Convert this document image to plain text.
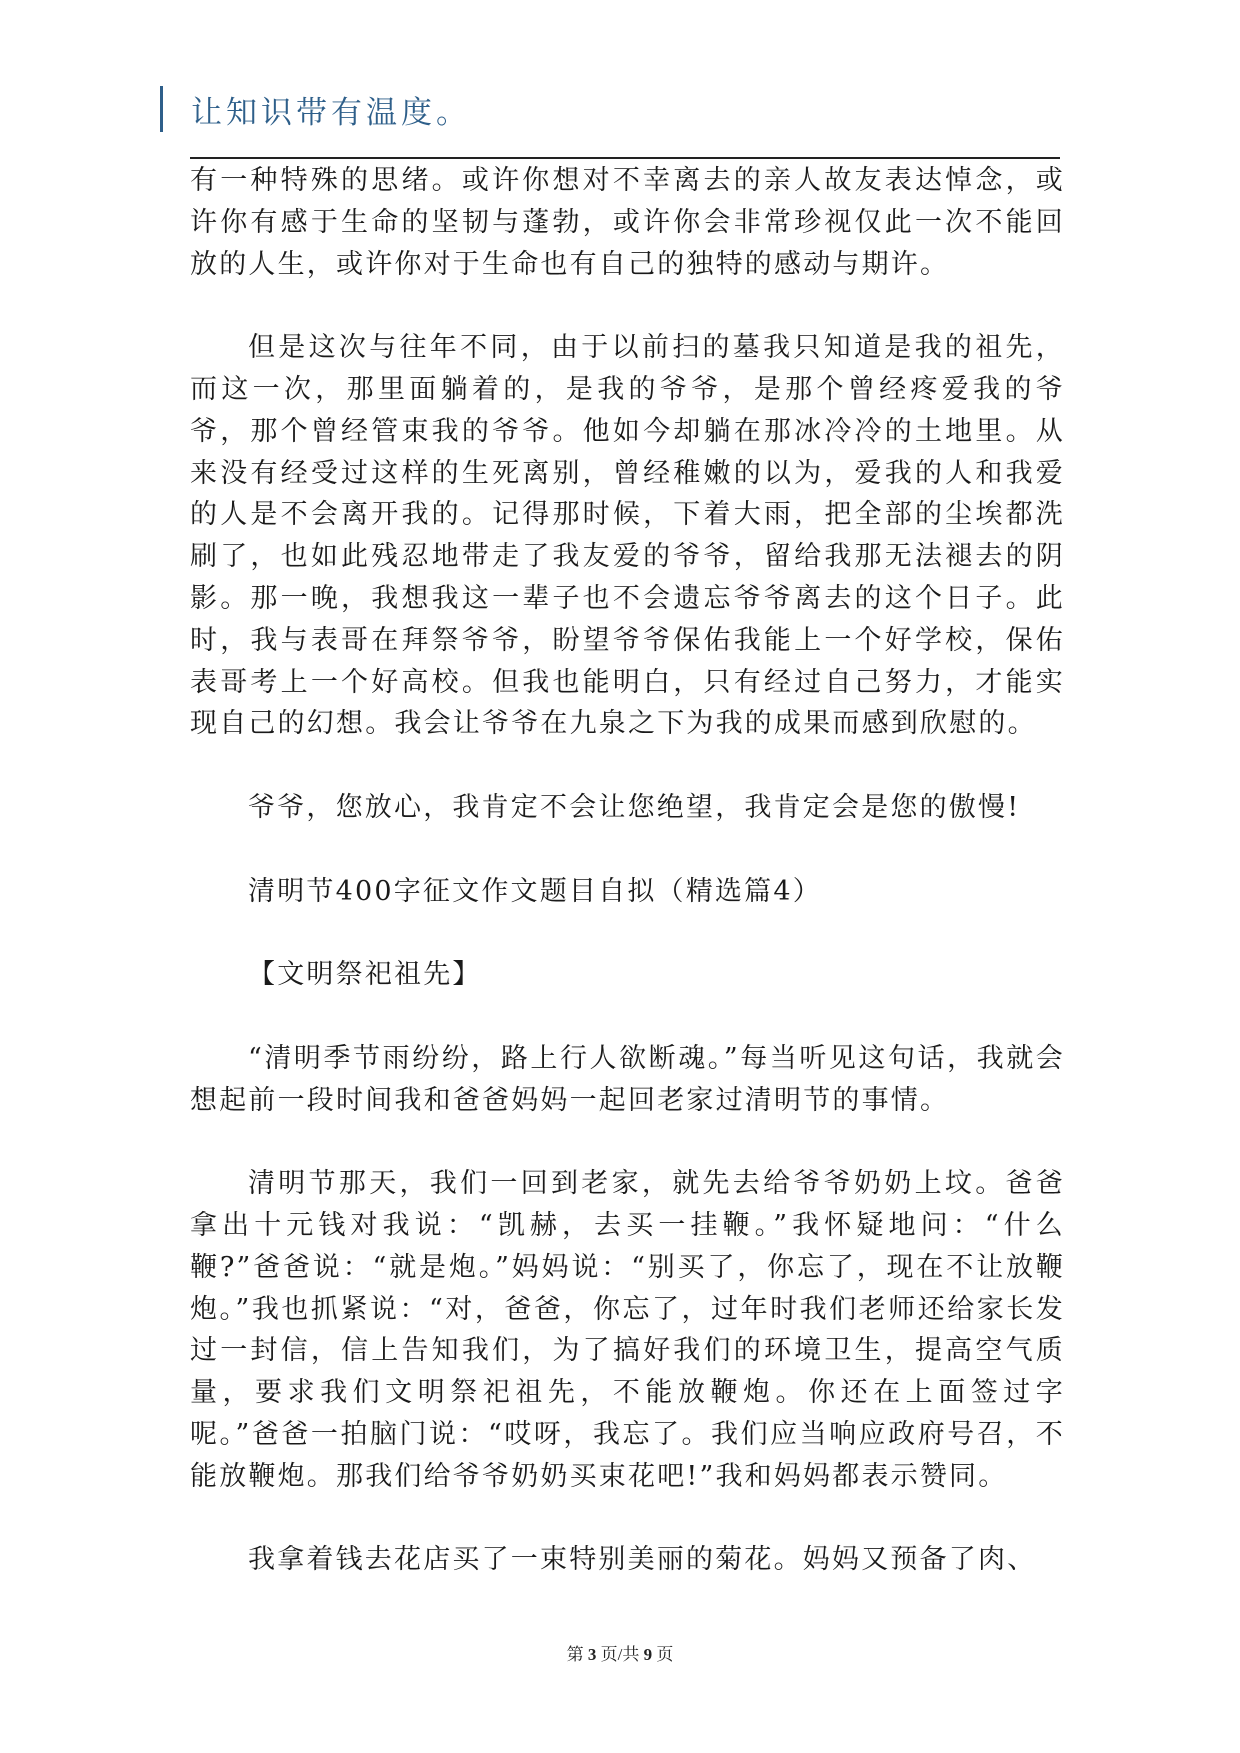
让知识带有温度。

有一种特殊的思绪。或许你想对不幸离去的亲人故友表达悼念，或许你有感于生命的坚韧与蓬勃，或许你会非常珍视仅此一次不能回放的人生，或许你对于生命也有自己的独特的感动与期许。

但是这次与往年不同，由于以前扫的墓我只知道是我的祖先，而这一次，那里面躺着的，是我的爷爷，是那个曾经疼爱我的爷爷，那个曾经管束我的爷爷。他如今却躺在那冰冷冷的土地里。从来没有经受过这样的生死离别，曾经稚嫩的以为，爱我的人和我爱的人是不会离开我的。记得那时候，下着大雨，把全部的尘埃都洗刷了，也如此残忍地带走了我友爱的爷爷，留给我那无法褪去的阴影。那一晚，我想我这一辈子也不会遗忘爷爷离去的这个日子。此时，我与表哥在拜祭爷爷，盼望爷爷保佑我能上一个好学校，保佑表哥考上一个好高校。但我也能明白，只有经过自己努力，才能实现自己的幻想。我会让爷爷在九泉之下为我的成果而感到欣慰的。

爷爷，您放心，我肯定不会让您绝望，我肯定会是您的傲慢!

清明节400字征文作文题目自拟（精选篇4）

【文明祭祀祖先】

“清明季节雨纷纷，路上行人欲断魂。”每当听见这句话，我就会想起前一段时间我和爸爸妈妈一起回老家过清明节的事情。

清明节那天，我们一回到老家，就先去给爷爷奶奶上坟。爸爸拿出十元钱对我说：“凯赫，去买一挂鞭。”我怀疑地问：“什么鞭?”爸爸说：“就是炮。”妈妈说：“别买了，你忘了，现在不让放鞭炮。”我也抓紧说：“对，爸爸，你忘了，过年时我们老师还给家长发过一封信，信上告知我们，为了搞好我们的环境卫生，提高空气质量，要求我们文明祭祀祖先，不能放鞭炮。你还在上面签过字呢。”爸爸一拍脑门说：“哎呀，我忘了。我们应当响应政府号召，不能放鞭炮。那我们给爷爷奶奶买束花吧!”我和妈妈都表示赞同。

我拿着钱去花店买了一束特别美丽的菊花。妈妈又预备了肉、

第 3 页/共 9 页
